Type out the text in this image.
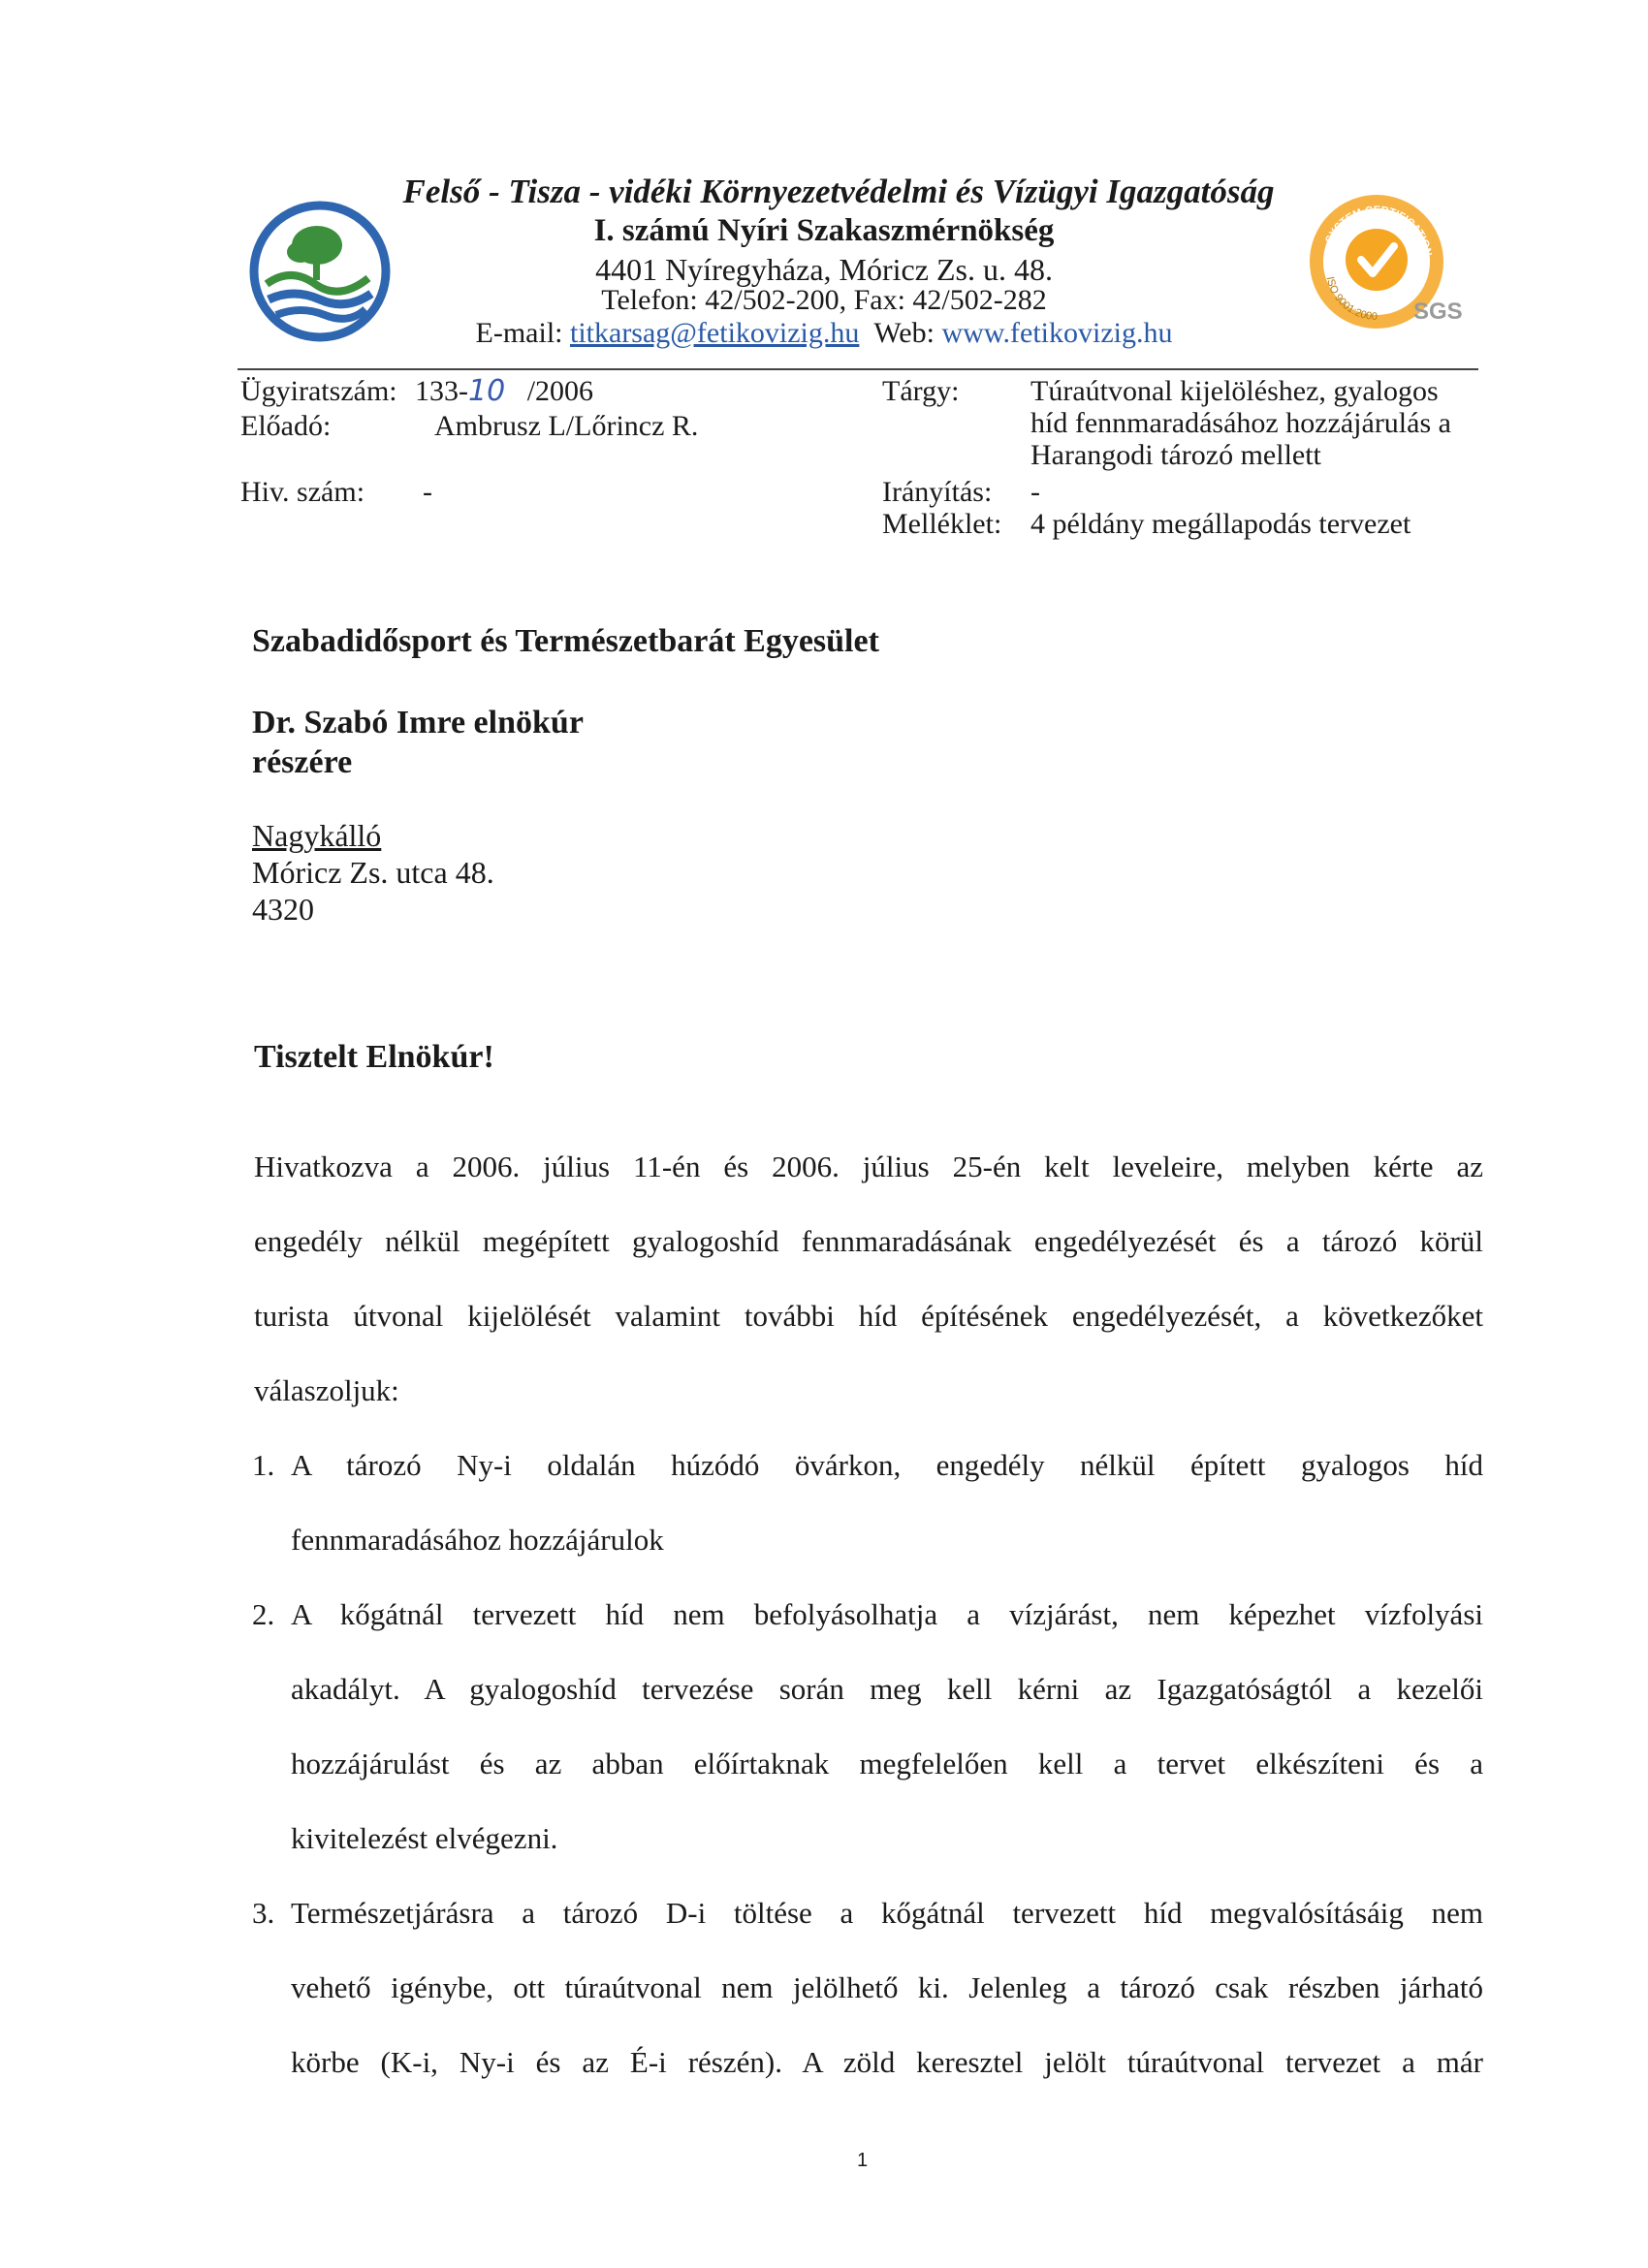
Felső - Tisza - vidéki Környezetvédelmi és Vízügyi Igazgatóság
I. számú Nyíri Szakaszmérnökség
4401 Nyíregyháza, Móricz Zs. u. 48.
Telefon: 42/502-200, Fax: 42/502-282
E-mail: titkarsag@fetikovizig.hu Web: www.fetikovizig.hu
SYSTEM CERTIFICATION
ISO 9001:2000 SGS
Ügyiratszám: 133-10 /2006
Előadó:	Ambrusz L/Lőrincz R.
Hiv. szám: -
Tárgy: Túraútvonal kijelöléshez, gyalogos
híd fennmaradásához hozzájárulás a
Harangodi tározó mellett
Irányítás: -
Melléklet: 4 példány megállapodás tervezet
Szabadidősport és Természetbarát Egyesület
Dr. Szabó Imre elnökúr
részére
Nagykálló
Móricz Zs. utca 48.
4320
Tisztelt Elnökúr!
Hivatkozva a 2006. július 11-én és 2006. július 25-én kelt leveleire, melyben kérte az
engedély nélkül megépített gyalogoshíd fennmaradásának engedélyezését és a tározó körül
turista útvonal kijelölését valamint további híd építésének engedélyezését, a következőket
válaszoljuk:
1. A tározó Ny-i oldalán húzódó övárkon, engedély nélkül épített gyalogos híd
fennmaradásához hozzájárulok
2. A kőgátnál tervezett híd nem befolyásolhatja a vízjárást, nem képezhet vízfolyási
akadályt. A gyalogoshíd tervezése során meg kell kérni az Igazgatóságtól a kezelői
hozzájárulást és az abban előírtaknak megfelelően kell a tervet elkészíteni és a
kivitelezést elvégezni.
3. Természetjárásra a tározó D-i töltése a kőgátnál tervezett híd megvalósításáig nem
vehető igénybe, ott túraútvonal nem jelölhető ki. Jelenleg a tározó csak részben járható
körbe (K-i, Ny-i és az É-i részén). A zöld keresztel jelölt túraútvonal tervezet a már
1
